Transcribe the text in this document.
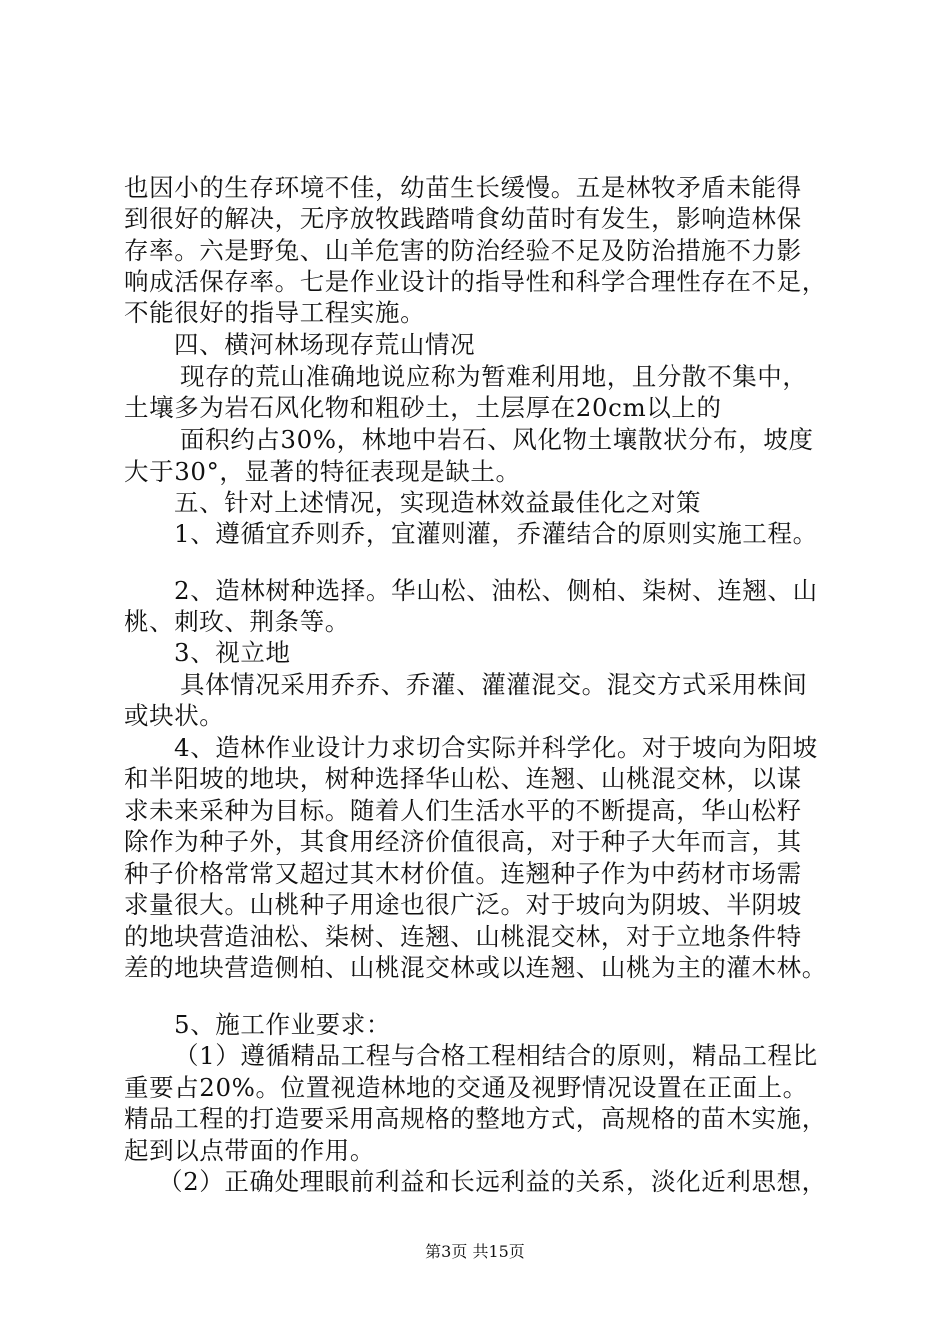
也因小的生存环境不佳，幼苗生长缓慢。五是林牧矛盾未能得
到很好的解决，无序放牧践踏啃食幼苗时有发生，影响造林保
存率。六是野兔、山羊危害的防治经验不足及防治措施不力影
响成活保存率。七是作业设计的指导性和科学合理性存在不足，
不能很好的指导工程实施。
四、横河林场现存荒山情况
现存的荒山准确地说应称为暂难利用地，且分散不集中，
土壤多为岩石风化物和粗砂土，土层厚在20cm以上的
面积约占30%，林地中岩石、风化物土壤散状分布，坡度
大于30°，显著的特征表现是缺土。
五、针对上述情况，实现造林效益最佳化之对策
1、遵循宜乔则乔，宜灌则灌，乔灌结合的原则实施工程。
2、造林树种选择。华山松、油松、侧柏、柒树、连翘、山
桃、刺玫、荆条等。
3、视立地
具体情况采用乔乔、乔灌、灌灌混交。混交方式采用株间
或块状。
4、造林作业设计力求切合实际并科学化。对于坡向为阳坡
和半阳坡的地块，树种选择华山松、连翘、山桃混交林，以谋
求未来采种为目标。随着人们生活水平的不断提高，华山松籽
除作为种子外，其食用经济价值很高，对于种子大年而言，其
种子价格常常又超过其木材价值。连翘种子作为中药材市场需
求量很大。山桃种子用途也很广泛。对于坡向为阴坡、半阴坡
的地块营造油松、柒树、连翘、山桃混交林，对于立地条件特
差的地块营造侧柏、山桃混交林或以连翘、山桃为主的灌木林。
5、施工作业要求：
（1）遵循精品工程与合格工程相结合的原则，精品工程比
重要占20%。位置视造林地的交通及视野情况设置在正面上。
精品工程的打造要采用高规格的整地方式，高规格的苗木实施，
起到以点带面的作用。
（2）正确处理眼前利益和长远利益的关系，淡化近利思想，
第3页 共15页
